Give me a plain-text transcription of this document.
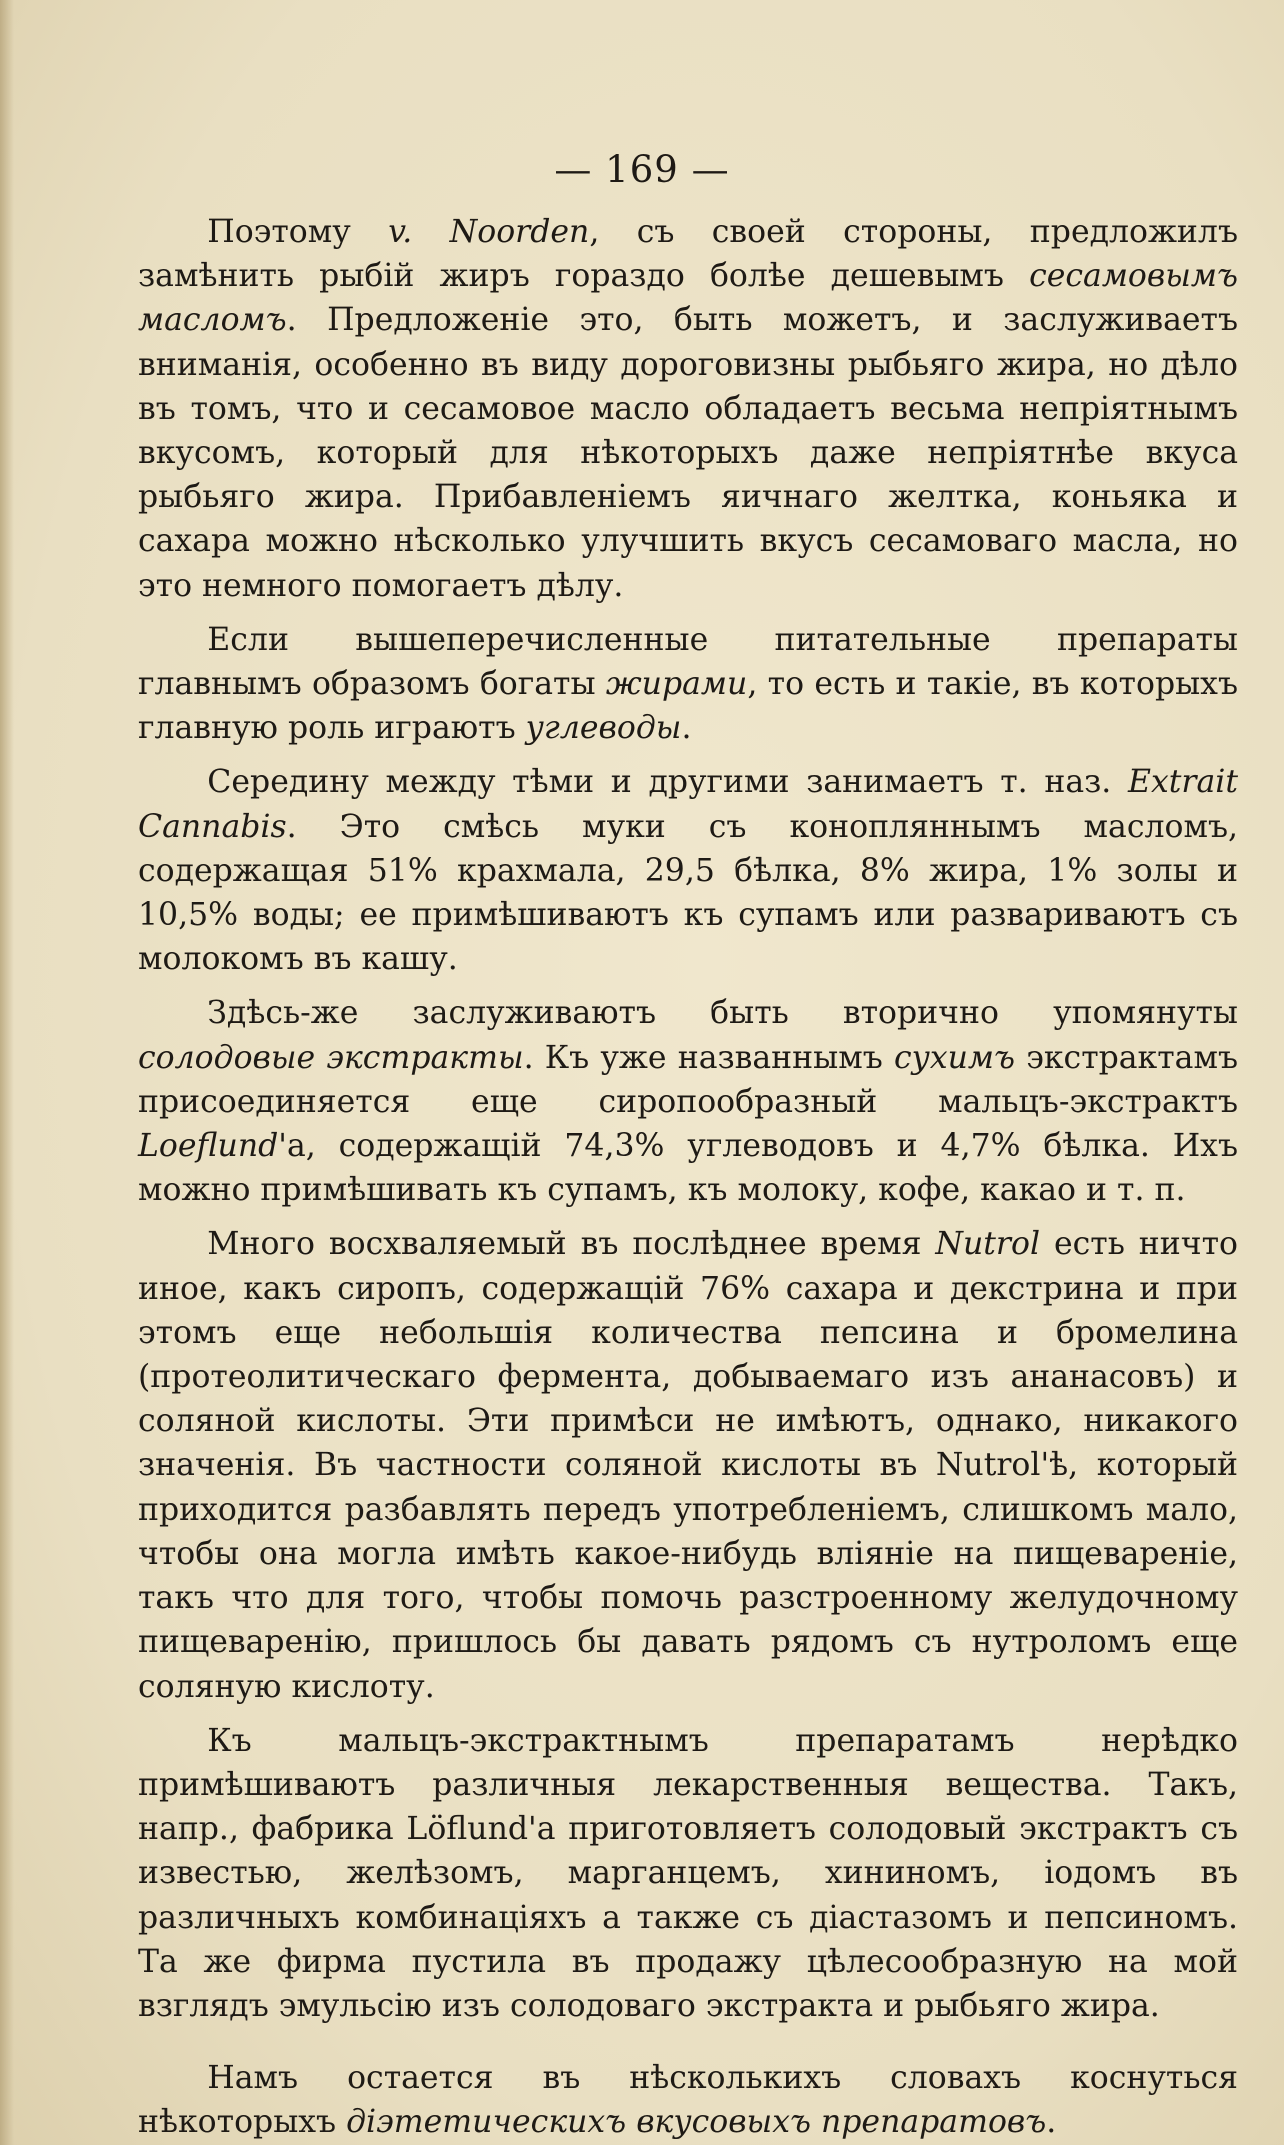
— 169 —

Поэтому v. Noorden, съ своей стороны, предложилъ замѣнить рыбій жиръ гораздо болѣе дешевымъ сесамовымъ масломъ. Предложеніе это, быть можетъ, и заслуживаетъ вниманія, особенно въ виду дороговизны рыбьяго жира, но дѣло въ томъ, что и сесамовое масло обладаетъ весьма непріятнымъ вкусомъ, который для нѣкоторыхъ даже непріятнѣе вкуса рыбьяго жира. Прибавленіемъ яичнаго желтка, коньяка и сахара можно нѣсколько улучшить вкусъ сесамоваго масла, но это немного помогаетъ дѣлу.

Если вышеперечисленные питательные препараты главнымъ образомъ богаты жирами, то есть и такіе, въ которыхъ главную роль играютъ углеводы.

Середину между тѣми и другими занимаетъ т. наз. Extrait Cannabis. Это смѣсь муки съ конопляннымъ масломъ, содержащая 51% крахмала, 29,5 бѣлка, 8% жира, 1% золы и 10,5% воды; ее примѣшиваютъ къ супамъ или развариваютъ съ молокомъ въ кашу.

Здѣсь-же заслуживаютъ быть вторично упомянуты солодовые экстракты. Къ уже названнымъ сухимъ экстрактамъ присоединяется еще сиропообразный мальцъ-экстрактъ Loeflund'а, содержащій 74,3% углеводовъ и 4,7% бѣлка. Ихъ можно примѣшивать къ супамъ, къ молоку, кофе, какао и т. п.

Много восхваляемый въ послѣднее время Nutrol есть ничто иное, какъ сиропъ, содержащій 76% сахара и декстрина и при этомъ еще небольшія количества пепсина и бромелина (протеолитическаго фермента, добываемаго изъ ананасовъ) и соляной кислоты. Эти примѣси не имѣютъ, однако, никакого значенія. Въ частности соляной кислоты въ Nutrol'ѣ, который приходится разбавлять передъ употребленіемъ, слишкомъ мало, чтобы она могла имѣть какое-нибудь вліяніе на пищевареніе, такъ что для того, чтобы помочь разстроенному желудочному пищеваренію, пришлось бы давать рядомъ съ нутроломъ еще соляную кислоту.

Къ мальцъ-экстрактнымъ препаратамъ нерѣдко примѣшиваютъ различныя лекарственныя вещества. Такъ, напр., фабрика Löflund'а приготовляетъ солодовый экстрактъ съ известью, желѣзомъ, марганцемъ, хининомъ, іодомъ въ различныхъ комбинаціяхъ а также съ діастазомъ и пепсиномъ. Та же фирма пустила въ продажу цѣлесообразную на мой взглядъ эмульсію изъ солодоваго экстракта и рыбьяго жира.

Намъ остается въ нѣсколькихъ словахъ коснуться нѣкоторыхъ діэтетическихъ вкусовыхъ препаратовъ.
